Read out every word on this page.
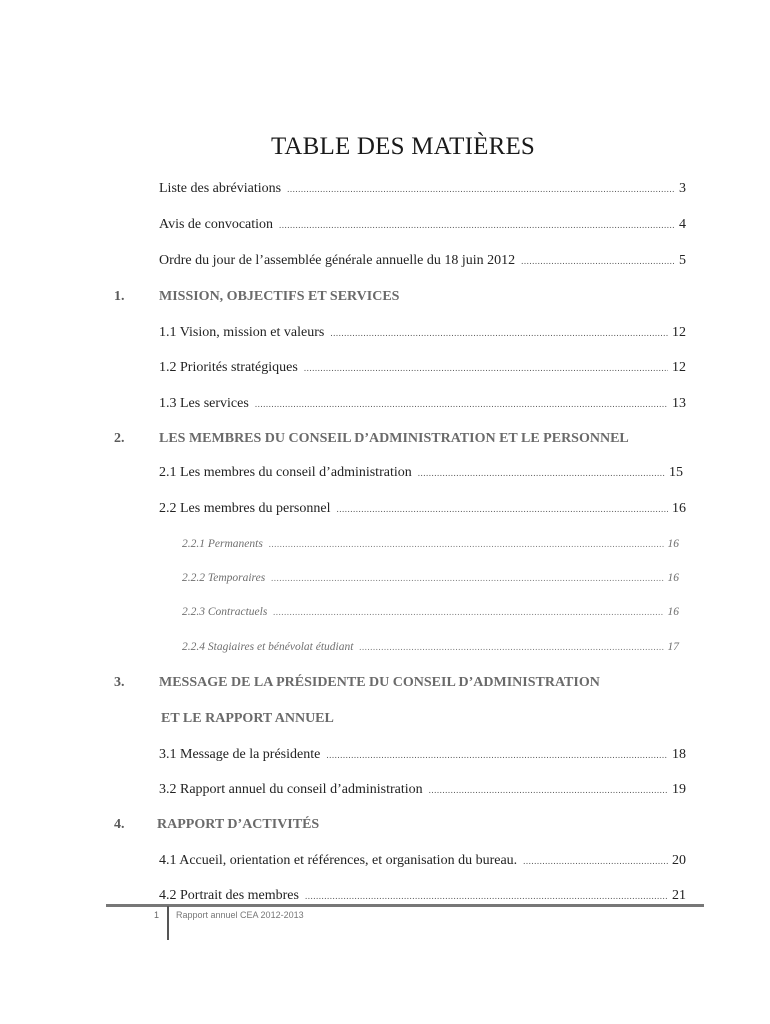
TABLE DES MATIÈRES
Liste des abréviations .....	3
Avis de convocation .....	4
Ordre du jour de l’assemblée générale annuelle du 18 juin 2012 .....	5
1. MISSION, OBJECTIFS ET SERVICES
1.1 Vision, mission et valeurs .....	12
1.2 Priorités stratégiques .....	12
1.3 Les services .....	13
2. LES MEMBRES DU CONSEIL D’ADMINISTRATION ET LE PERSONNEL
2.1 Les membres du conseil d’administration .....	15
2.2 Les membres du personnel .....	16
2.2.1 Permanents .....	16
2.2.2 Temporaires .....	16
2.2.3 Contractuels .....	16
2.2.4 Stagiaires et bénévolat étudiant .....	17
3. MESSAGE DE LA PRÉSIDENTE DU CONSEIL D’ADMINISTRATION
ET LE RAPPORT ANNUEL
3.1 Message de la présidente .....	18
3.2 Rapport annuel du conseil d’administration .....	19
4. RAPPORT D’ACTIVITÉS
4.1 Accueil, orientation et références, et organisation du bureau. .....	20
4.2 Portrait des membres .....	21
1 Rapport annuel CEA 2012-2013
